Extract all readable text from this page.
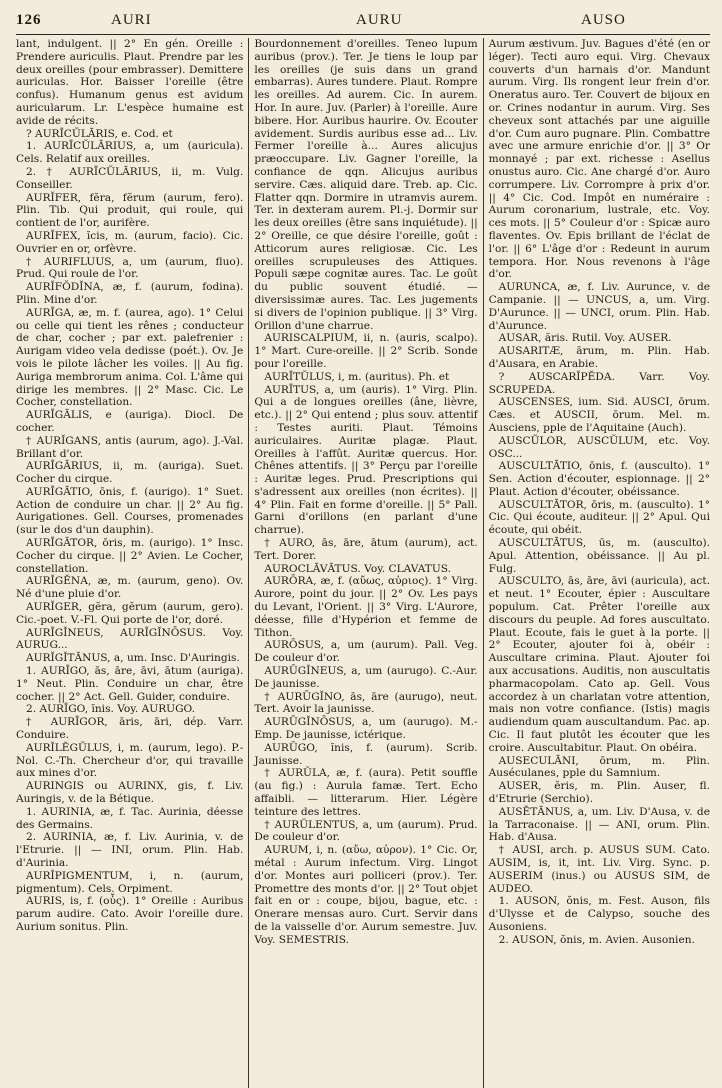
126	AURI	AURU	AUSO

lant, indulgent. || 2° En gén. Oreille : Prendere auriculis. Plaut. Prendre par les deux oreilles (pour embrasser). Demittere auriculas. Hor. Baisser l'oreille (être confus). Humanum genus est avidum auricularum. Lr. L'espèce humaine est avide de récits.

? AURĪCŬLĀRIS, e. Cod. et

1. AURĪCŬLĀRIUS, a, um (auricula). Cels. Relatif aux oreilles.

2. † AURĪCŬLĀRIUS, ii, m. Vulg. Conseiller.

AURĬFER, fĕra, fĕrum (aurum, fero). Plin. Tib. Qui produit, qui roule, qui contient de l'or, aurifère.

AURĬFEX, ĭcis, m. (aurum, facio). Cic. Ouvrier en or, orfèvre.

† AURIFLUUS, a, um (aurum, fluo). Prud. Qui roule de l'or.

AURĬFŎDĬNA, æ, f. (aurum, fodina). Plin. Mine d'or.

AURĪGA, æ, m. f. (aurea, ago). 1° Celui ou celle qui tient les rênes ; conducteur de char, cocher ; par ext. palefrenier : Aurigam video vela dedisse (poét.). Ov. Je vois le pilote lâcher les voiles. || Au fig. Auriga membrorum anima. Col. L'âme qui dirige les membres. || 2° Masc. Cic. Le Cocher, constellation.

AURĪGĀLIS, e (auriga). Diocl. De cocher.

† AURĬGANS, antis (aurum, ago). J.-Val. Brillant d'or.

AURĪGĀRIUS, ii, m. (auriga). Suet. Cocher du cirque.

AURĪGĀTIO, ōnis, f. (aurigo). 1° Suet. Action de conduire un char. || 2° Au fig. Aurigationes. Gell. Courses, promenades (sur le dos d'un dauphin).

AURĪGĀTOR, ōris, m. (aurigo). 1° Insc. Cocher du cirque. || 2° Avien. Le Cocher, constellation.

AURĬGĔNA, æ, m. (aurum, geno). Ov. Né d'une pluie d'or.

AURĬGER, gĕra, gĕrum (aurum, gero). Cic.-poet. V.-Fl. Qui porte de l'or, doré.

AURĪGĬNEUS, AURĪGĬNŌSUS. Voy. AURUG...

AURĬGĬTĀNUS, a, um. Insc. D'Auringis.

1. AURĪGO, ās, āre, āvi, ātum (auriga). 1° Neut. Plin. Conduire un char, être cocher. || 2° Act. Gell. Guider, conduire.

2. AURĪGO, ĭnis. Voy. AURUGO.

† AURĪGOR, āris, āri, dép. Varr. Conduire.

AURĬLĔGŬLUS, i, m. (aurum, lego). P.-Nol. C.-Th. Chercheur d'or, qui travaille aux mines d'or.

AURINGIS ou AURINX, gis, f. Liv. Auringis, v. de la Bétique.

1. AURINIA, æ, f. Tac. Aurinia, déesse des Germains.

2. AURINIA, æ, f. Liv. Aurinia, v. de l'Etrurie. || — INI, orum. Plin. Hab. d'Aurinia.

AURĬPIGMENTUM, i, n. (aurum, pigmentum). Cels. Orpiment.

AURIS, is, f. (οὖς). 1° Oreille : Auribus parum audire. Cato. Avoir l'oreille dure. Aurium sonitus. Plin.

Bourdonnement d'oreilles. Teneo lupum auribus (prov.). Ter. Je tiens le loup par les oreilles (je suis dans un grand embarras). Aures tundere. Plaut. Rompre les oreilles. Ad aurem. Cic. In aurem. Hor. In aure. Juv. (Parler) à l'oreille. Aure bibere. Hor. Auribus haurire. Ov. Ecouter avidement. Surdis auribus esse ad... Liv. Fermer l'oreille à... Aures alicujus præoccupare. Liv. Gagner l'oreille, la confiance de qqn. Alicujus auribus servire. Cæs. aliquid dare. Treb. ap. Cic. Flatter qqn. Dormire in utramvis aurem. Ter. in dexteram aurem. Pl.-j. Dormir sur les deux oreilles (être sans inquiétude). || 2° Oreille, ce que désire l'oreille, goût : Atticorum aures religiosæ. Cic. Les oreilles scrupuleuses des Attiques. Populi sæpe cognitæ aures. Tac. Le goût du public souvent étudié. — diversissimæ aures. Tac. Les jugements si divers de l'opinion publique. || 3° Virg. Orillon d'une charrue.

AURISCALPIUM, ii, n. (auris, scalpo). 1° Mart. Cure-oreille. || 2° Scrib. Sonde pour l'oreille.

AURĪTŬLUS, i, m. (auritus). Ph. et

AURĪTUS, a, um (auris). 1° Virg. Plin. Qui a de longues oreilles (âne, lièvre, etc.). || 2° Qui entend ; plus souv. attentif : Testes auriti. Plaut. Témoins auriculaires. Auritæ plagæ. Plaut. Oreilles à l'affût. Auritæ quercus. Hor. Chênes attentifs. || 3° Perçu par l'oreille : Auritæ leges. Prud. Prescriptions qui s'adressent aux oreilles (non écrites). || 4° Plin. Fait en forme d'oreille. || 5° Pall. Garni d'orillons (en parlant d'une charrue).

† AURO, ās, āre, ātum (aurum), act. Tert. Dorer.

AUROCLĀVĀTUS. Voy. CLAVATUS.

AURŌRA, æ, f. (αὔως, αὐριος). 1° Virg. Aurore, point du jour. || 2° Ov. Les pays du Levant, l'Orient. || 3° Virg. L'Aurore, déesse, fille d'Hypérion et femme de Tithon.

AURŌSUS, a, um (aurum). Pall. Veg. De couleur d'or.

AURŪGĬNEUS, a, um (aurugo). C.-Aur. De jaunisse.

† AURŪGĬNO, ās, āre (aurugo), neut. Tert. Avoir la jaunisse.

AURŪGĬNŌSUS, a, um (aurugo). M.-Emp. De jaunisse, ictérique.

AURŪGO, ĭnis, f. (aurum). Scrib. Jaunisse.

† AURŬLA, æ, f. (aura). Petit souffle (au fig.) : Aurula famæ. Tert. Echo affaibli. — litterarum. Hier. Légère teinture des lettres.

† AURŬLENTUS, a, um (aurum). Prud. De couleur d'or.

AURUM, i, n. (αὔω, αὐρον). 1° Cic. Or, métal : Aurum infectum. Virg. Lingot d'or. Montes auri polliceri (prov.). Ter. Promettre des monts d'or. || 2° Tout objet fait en or : coupe, bijou, bague, etc. : Onerare mensas auro. Curt. Servir dans de la vaisselle d'or. Aurum semestre. Juv. Voy. SEMESTRIS.

Aurum æstivum. Juv. Bagues d'été (en or léger). Tecti auro equi. Virg. Chevaux couverts d'un harnais d'or. Mandunt aurum. Virg. Ils rongent leur frein d'or. Oneratus auro. Ter. Couvert de bijoux en or. Crines nodantur in aurum. Virg. Ses cheveux sont attachés par une aiguille d'or. Cum auro pugnare. Plin. Combattre avec une armure enrichie d'or. || 3° Or monnayé ; par ext. richesse : Asellus onustus auro. Cic. Ane chargé d'or. Auro corrumpere. Liv. Corrompre à prix d'or. || 4° Cic. Cod. Impôt en numéraire : Aurum coronarium, lustrale, etc. Voy. ces mots. || 5° Couleur d'or : Spicæ auro flaventes. Ov. Epis brillant de l'éclat de l'or. || 6° L'âge d'or : Redeunt in aurum tempora. Hor. Nous revenons à l'âge d'or.

AURUNCA, æ, f. Liv. Aurunce, v. de Campanie. || — UNCUS, a, um. Virg. D'Aurunce. || — UNCI, orum. Plin. Hab. d'Aurunce.

AUSAR, ăris. Rutil. Voy. AUSER.

AUSARITÆ, ārum, m. Plin. Hab. d'Ausara, en Arabie.

? AUSCARĬPĔDA. Varr. Voy. SCRUPEDA.

AUSCENSES, ium. Sid. AUSCI, ōrum. Cæs. et AUSCII, ōrum. Mel. m. Ausciens, pple de l'Aquitaine (Auch).

AUSCŬLOR, AUSCŬLUM, etc. Voy. OSC...

AUSCULTĀTIO, ōnis, f. (ausculto). 1° Sen. Action d'écouter, espionnage. || 2° Plaut. Action d'écouter, obéissance.

AUSCULTĀTOR, ōris, m. (ausculto). 1° Cic. Qui écoute, auditeur. || 2° Apul. Qui écoute, qui obéit.

AUSCULTĀTUS, ūs, m. (ausculto). Apul. Attention, obéissance. || Au pl. Fulg.

AUSCULTO, ās, āre, āvi (auricula), act. et neut. 1° Ecouter, épier : Auscultare populum. Cat. Prêter l'oreille aux discours du peuple. Ad fores auscultato. Plaut. Ecoute, fais le guet à la porte. || 2° Ecouter, ajouter foi à, obéir : Auscultare crimina. Plaut. Ajouter foi aux accusations. Auditis, non auscultatis pharmacopolam. Cato ap. Gell. Vous accordez à un charlatan votre attention, mais non votre confiance. (Istis) magis audiendum quam auscultandum. Pac. ap. Cic. Il faut plutôt les écouter que les croire. Auscultabitur. Plaut. On obéira.

AUSECULĀNI, ōrum, m. Plin. Auséculanes, pple du Samnium.

AUSER, ĕris, m. Plin. Auser, fl. d'Etrurie (Serchio).

AUSĒTĀNUS, a, um. Liv. D'Ausa, v. de la Tarraconaise. || — ANI, orum. Plin. Hab. d'Ausa.

† AUSI, arch. p. AUSUS SUM. Cato. AUSIM, is, it, int. Liv. Virg. Sync. p. AUSERIM (inus.) ou AUSUS SIM, de AUDEO.

1. AUSON, ŏnis, m. Fest. Auson, fils d'Ulysse et de Calypso, souche des Ausoniens.

2. AUSON, ŏnis, m. Avien. Ausonien.
